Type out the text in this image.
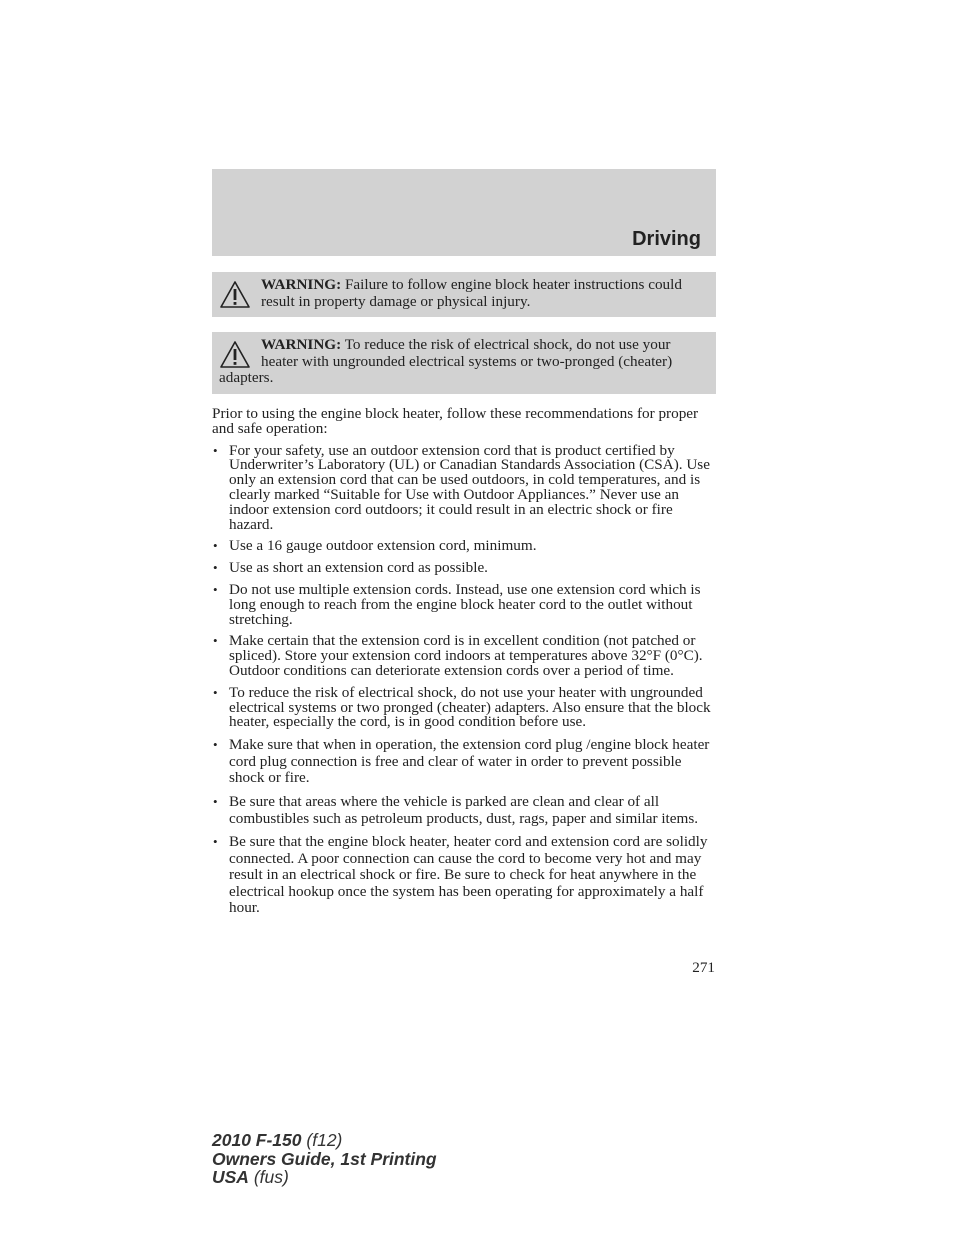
Driving
WARNING: Failure to follow engine block heater instructions could result in property damage or physical injury.
WARNING: To reduce the risk of electrical shock, do not use your heater with ungrounded electrical systems or two-pronged (cheater) adapters.

Prior to using the engine block heater, follow these recommendations for proper and safe operation:

• For your safety, use an outdoor extension cord that is product certified by Underwriter’s Laboratory (UL) or Canadian Standards Association (CSA). Use only an extension cord that can be used outdoors, in cold temperatures, and is clearly marked “Suitable for Use with Outdoor Appliances.” Never use an indoor extension cord outdoors; it could result in an electric shock or fire hazard.
• Use a 16 gauge outdoor extension cord, minimum.
• Use as short an extension cord as possible.
• Do not use multiple extension cords. Instead, use one extension cord which is long enough to reach from the engine block heater cord to the outlet without stretching.
• Make certain that the extension cord is in excellent condition (not patched or spliced). Store your extension cord indoors at temperatures above 32°F (0°C). Outdoor conditions can deteriorate extension cords over a period of time.
• To reduce the risk of electrical shock, do not use your heater with ungrounded electrical systems or two pronged (cheater) adapters. Also ensure that the block heater, especially the cord, is in good condition before use.
• Make sure that when in operation, the extension cord plug /engine block heater cord plug connection is free and clear of water in order to prevent possible shock or fire.
• Be sure that areas where the vehicle is parked are clean and clear of all combustibles such as petroleum products, dust, rags, paper and similar items.
• Be sure that the engine block heater, heater cord and extension cord are solidly connected. A poor connection can cause the cord to become very hot and may result in an electrical shock or fire. Be sure to check for heat anywhere in the electrical hookup once the system has been operating for approximately a half hour.
271
2010 F-150 (f12)
Owners Guide, 1st Printing
USA (fus)
